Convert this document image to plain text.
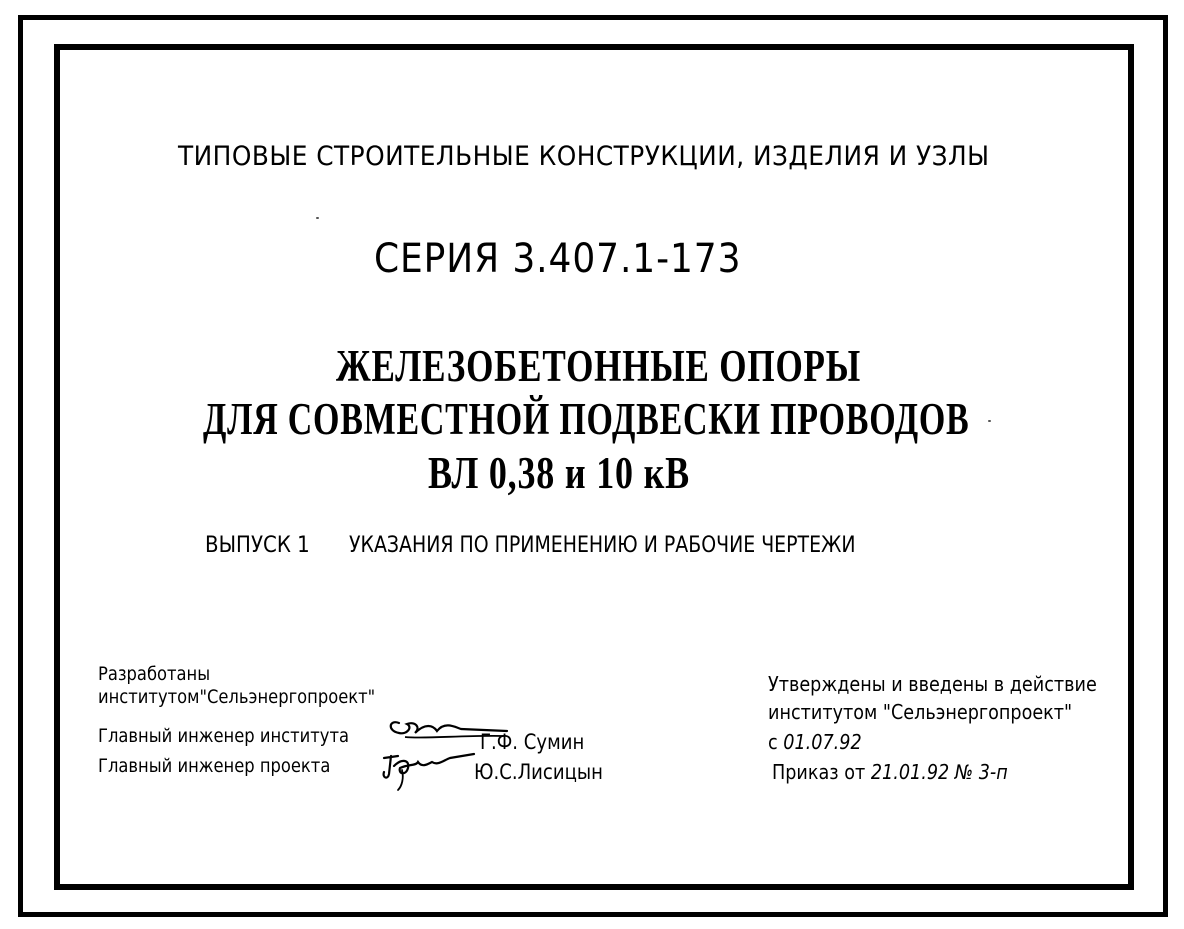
ТИПОВЫЕ СТРОИТЕЛЬНЫЕ КОНСТРУКЦИИ, ИЗДЕЛИЯ И УЗЛЫ
СЕРИЯ 3.407.1-173
ЖЕЛЕЗОБЕТОННЫЕ ОПОРЫ
ДЛЯ СОВМЕСТНОЙ ПОДВЕСКИ ПРОВОДОВ
ВЛ 0,38 и 10 кВ
ВЫПУСК 1 УКАЗАНИЯ ПО ПРИМЕНЕНИЮ И РАБОЧИЕ ЧЕРТЕЖИ
Разработаны
институтом"Сельэнергопроект"
Главный инженер института
Главный инженер проекта
Г.Ф. Сумин
Ю.С.Лисицын
Утверждены и введены в действие
институтом "Сельэнергопроект"
с 01.07.92
Приказ от 21.01.92 № 3-п
